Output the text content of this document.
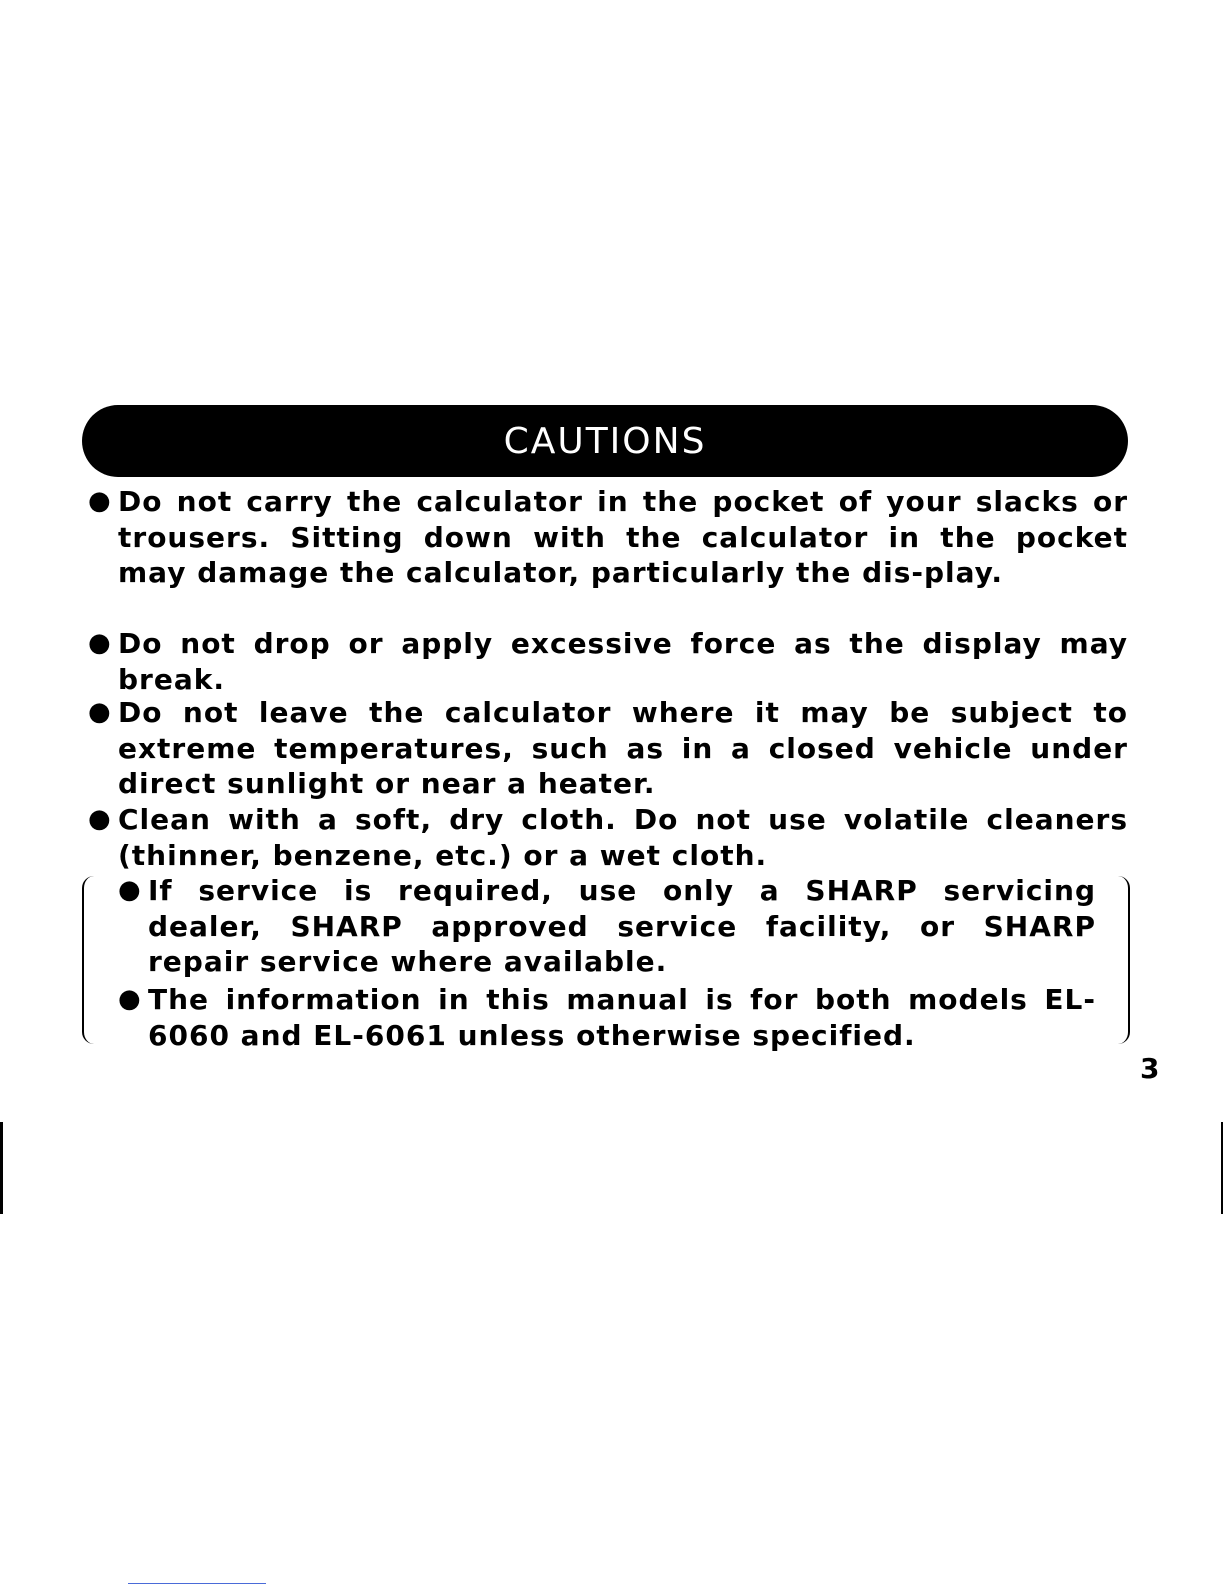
CAUTIONS
● Do not carry the calculator in the pocket of your slacks or trousers. Sitting down with the calculator in the pocket may damage the calculator, particularly the dis-play.
● Do not drop or apply excessive force as the display may break.
● Do not leave the calculator where it may be subject to extreme temperatures, such as in a closed vehicle under direct sunlight or near a heater.
● Clean with a soft, dry cloth. Do not use volatile cleaners (thinner, benzene, etc.) or a wet cloth.
● If service is required, use only a SHARP servicing dealer, SHARP approved service facility, or SHARP repair service where available.
● The information in this manual is for both models EL-6060 and EL-6061 unless otherwise specified.
3
